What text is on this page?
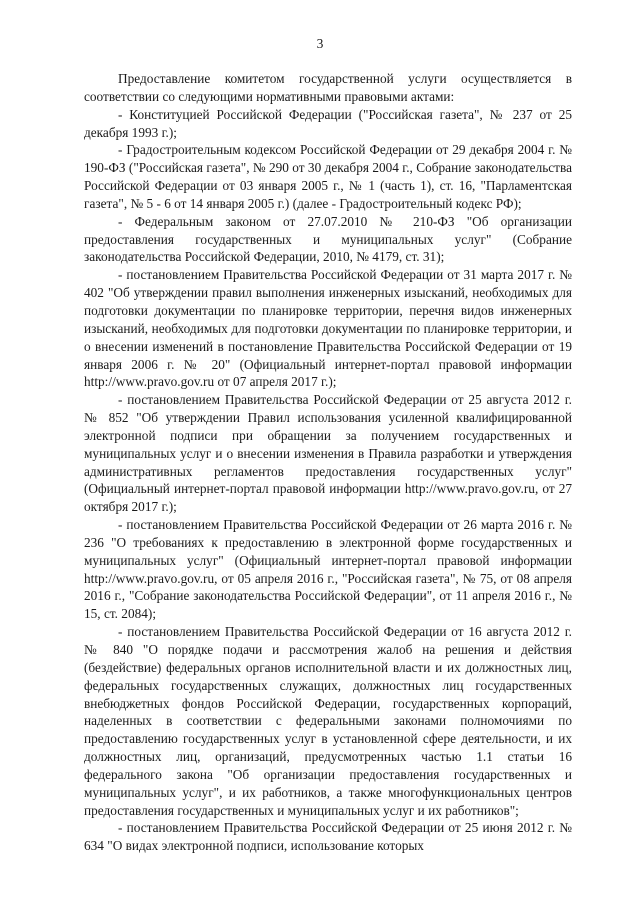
3

Предоставление комитетом государственной услуги осуществляется в соответствии со следующими нормативными правовыми актами:

- Конституцией Российской Федерации ("Российская газета", № 237 от 25 декабря 1993 г.);

- Градостроительным кодексом Российской Федерации от 29 декабря 2004 г. № 190-ФЗ ("Российская газета", № 290 от 30 декабря 2004 г., Собрание законодательства Российской Федерации от 03 января 2005 г., № 1 (часть 1), ст. 16, "Парламентская газета", № 5 - 6 от 14 января 2005 г.) (далее - Градостроительный кодекс РФ);

- Федеральным законом от 27.07.2010 № 210-ФЗ "Об организации предоставления государственных и муниципальных услуг" (Собрание законодательства Российской Федерации, 2010, № 4179, ст. 31);

- постановлением Правительства Российской Федерации от 31 марта 2017 г. № 402 "Об утверждении правил выполнения инженерных изысканий, необходимых для подготовки документации по планировке территории, перечня видов инженерных изысканий, необходимых для подготовки документации по планировке территории, и о внесении изменений в постановление Правительства Российской Федерации от 19 января 2006 г. № 20" (Официальный интернет-портал правовой информации http://www.pravo.gov.ru от 07 апреля 2017 г.);

- постановлением Правительства Российской Федерации от 25 августа 2012 г. № 852 "Об утверждении Правил использования усиленной квалифицированной электронной подписи при обращении за получением государственных и муниципальных услуг и о внесении изменения в Правила разработки и утверждения административных регламентов предоставления государственных услуг" (Официальный интернет-портал правовой информации http://www.pravo.gov.ru, от 27 октября 2017 г.);

- постановлением Правительства Российской Федерации от 26 марта 2016 г. № 236 "О требованиях к предоставлению в электронной форме государственных и муниципальных услуг" (Официальный интернет-портал правовой информации http://www.pravo.gov.ru, от 05 апреля 2016 г., "Российская газета", № 75, от 08 апреля 2016 г., "Собрание законодательства Российской Федерации", от 11 апреля 2016 г., № 15, ст. 2084);

- постановлением Правительства Российской Федерации от 16 августа 2012 г. № 840 "О порядке подачи и рассмотрения жалоб на решения и действия (бездействие) федеральных органов исполнительной власти и их должностных лиц, федеральных государственных служащих, должностных лиц государственных внебюджетных фондов Российской Федерации, государственных корпораций, наделенных в соответствии с федеральными законами полномочиями по предоставлению государственных услуг в установленной сфере деятельности, и их должностных лиц, организаций, предусмотренных частью 1.1 статьи 16 федерального закона "Об организации предоставления государственных и муниципальных услуг", и их работников, а также многофункциональных центров предоставления государственных и муниципальных услуг и их работников";

- постановлением Правительства Российской Федерации от 25 июня 2012 г. № 634 "О видах электронной подписи, использование которых
